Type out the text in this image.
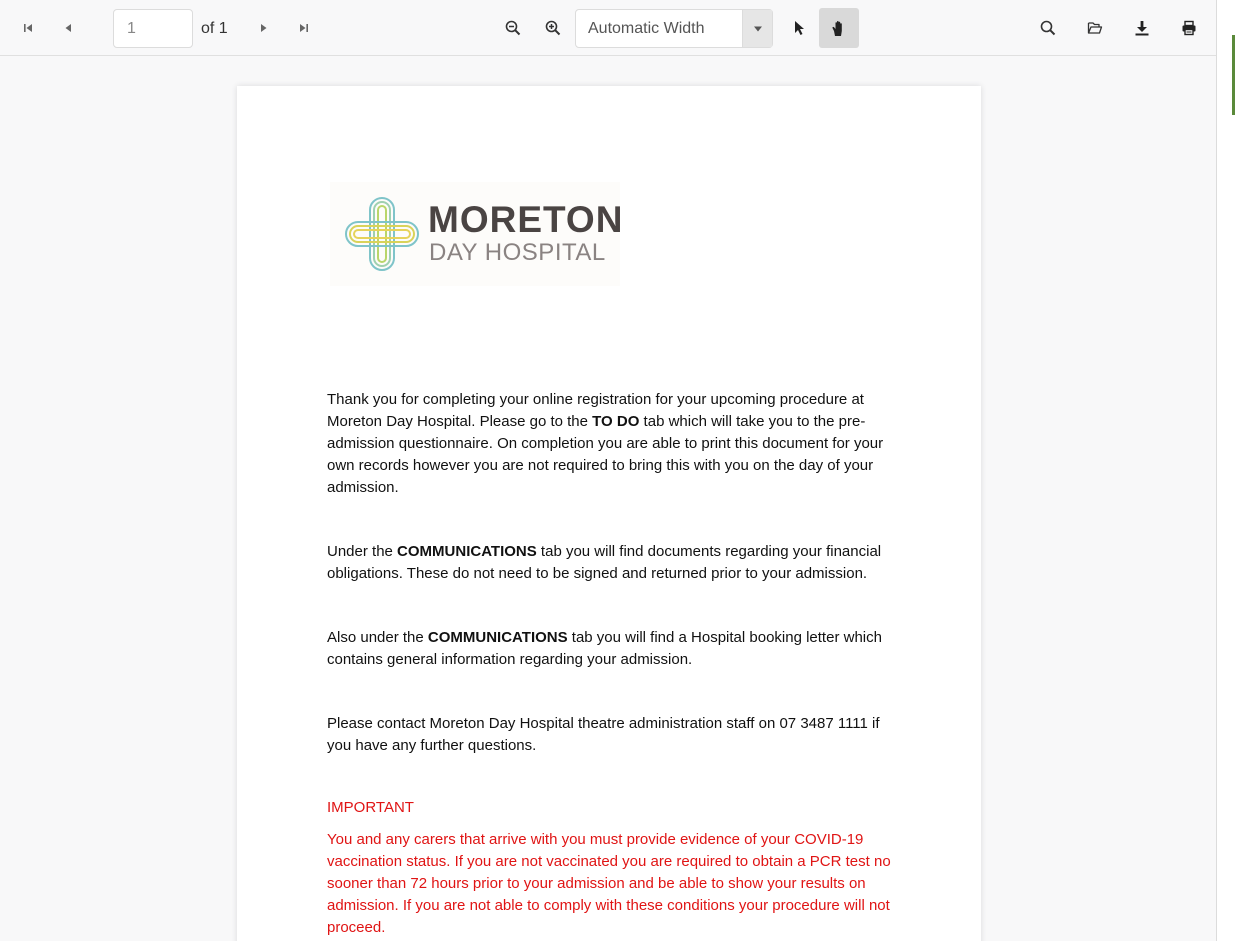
1	of 1	Automatic Width
MORETON
DAY HOSPITAL
Thank you for completing your online registration for your upcoming procedure at Moreton Day Hospital. Please go to the TO DO tab which will take you to the pre-admission questionnaire. On completion you are able to print this document for your own records however you are not required to bring this with you on the day of your admission.
Under the COMMUNICATIONS tab you will find documents regarding your financial obligations. These do not need to be signed and returned prior to your admission.
Also under the COMMUNICATIONS tab you will find a Hospital booking letter which contains general information regarding your admission.
Please contact Moreton Day Hospital theatre administration staff on 07 3487 1111 if you have any further questions.
IMPORTANT
You and any carers that arrive with you must provide evidence of your COVID-19 vaccination status. If you are not vaccinated you are required to obtain a PCR test no sooner than 72 hours prior to your admission and be able to show your results on admission. If you are not able to comply with these conditions your procedure will not proceed.
